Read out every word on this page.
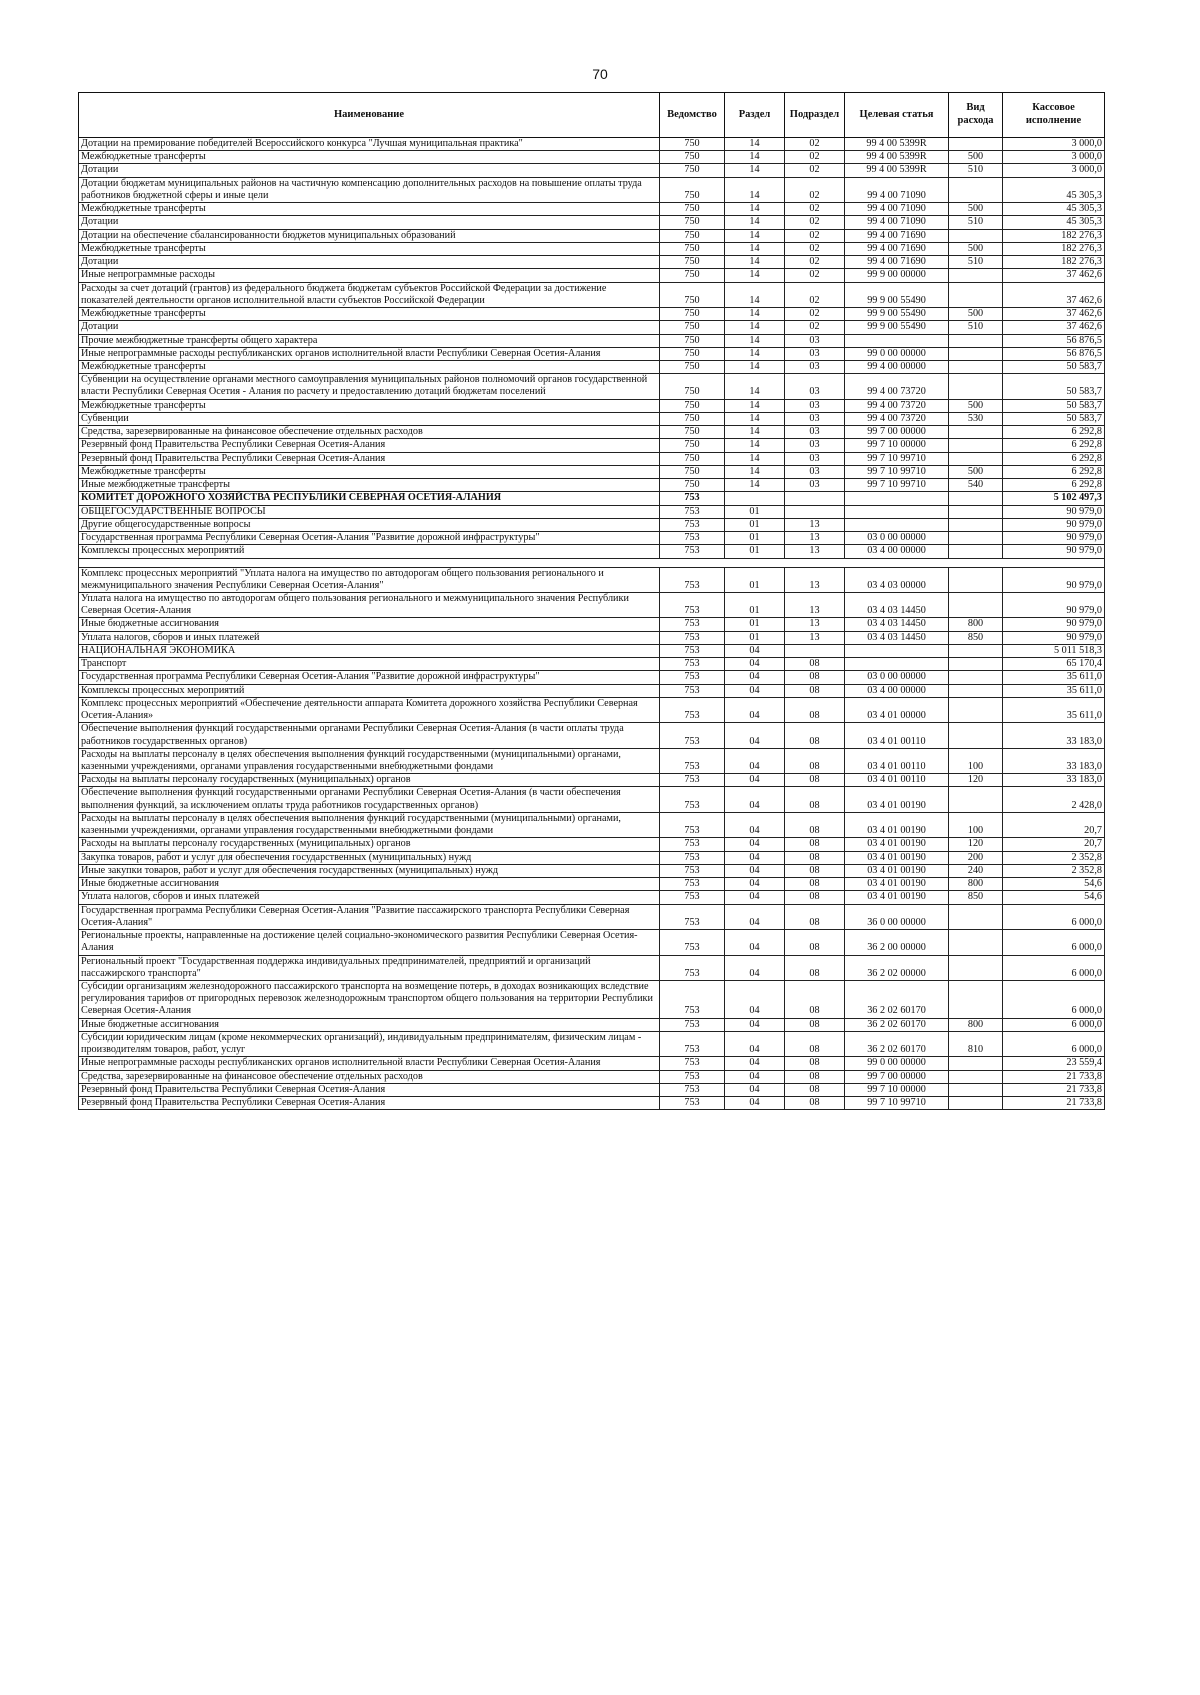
70
Наименование	Ведомство	Раздел	Подраздел	Целевая статья	Вид расхода	Кассовое исполнение
Дотации на премирование победителей Всероссийского конкурса "Лучшая муниципальная практика"	750	14	02	99 4 00 5399R		3 000,0
Межбюджетные трансферты	750	14	02	99 4 00 5399R	500	3 000,0
Дотации	750	14	02	99 4 00 5399R	510	3 000,0
Дотации бюджетам муниципальных районов на частичную компенсацию дополнительных расходов на повышение оплаты труда работников бюджетной сферы и иные цели	750	14	02	99 4 00 71090		45 305,3
Межбюджетные трансферты	750	14	02	99 4 00 71090	500	45 305,3
Дотации	750	14	02	99 4 00 71090	510	45 305,3
Дотации на обеспечение сбалансированности бюджетов муниципальных образований	750	14	02	99 4 00 71690		182 276,3
Межбюджетные трансферты	750	14	02	99 4 00 71690	500	182 276,3
Дотации	750	14	02	99 4 00 71690	510	182 276,3
Иные непрограммные расходы	750	14	02	99 9 00 00000		37 462,6
Расходы за счет дотаций (грантов) из федерального бюджета бюджетам субъектов Российской Федерации за достижение показателей деятельности органов исполнительной власти субъектов Российской Федерации	750	14	02	99 9 00 55490		37 462,6
Межбюджетные трансферты	750	14	02	99 9 00 55490	500	37 462,6
Дотации	750	14	02	99 9 00 55490	510	37 462,6
Прочие межбюджетные трансферты общего характера	750	14	03			56 876,5
Иные непрограммные расходы республиканских органов исполнительной власти Республики Северная Осетия-Алания	750	14	03	99 0 00 00000		56 876,5
Межбюджетные трансферты	750	14	03	99 4 00 00000		50 583,7
Субвенции на осуществление органами местного самоуправления муниципальных районов полномочий органов государственной власти Республики Северная Осетия - Алания по расчету и предоставлению дотаций бюджетам поселений	750	14	03	99 4 00 73720		50 583,7
Межбюджетные трансферты	750	14	03	99 4 00 73720	500	50 583,7
Субвенции	750	14	03	99 4 00 73720	530	50 583,7
Средства, зарезервированные на финансовое обеспечение отдельных расходов	750	14	03	99 7 00 00000		6 292,8
Резервный фонд Правительства Республики Северная Осетия-Алания	750	14	03	99 7 10 00000		6 292,8
Резервный фонд Правительства Республики Северная Осетия-Алания	750	14	03	99 7 10 99710		6 292,8
Межбюджетные трансферты	750	14	03	99 7 10 99710	500	6 292,8
Иные межбюджетные трансферты	750	14	03	99 7 10 99710	540	6 292,8
КОМИТЕТ ДОРОЖНОГО ХОЗЯЙСТВА РЕСПУБЛИКИ СЕВЕРНАЯ ОСЕТИЯ-АЛАНИЯ	753					5 102 497,3
ОБЩЕГОСУДАРСТВЕННЫЕ ВОПРОСЫ	753	01				90 979,0
Другие общегосударственные вопросы	753	01	13			90 979,0
Государственная программа Республики Северная Осетия-Алания "Развитие дорожной инфраструктуры"	753	01	13	03 0 00 00000		90 979,0
Комплексы процессных мероприятий	753	01	13	03 4 00 00000		90 979,0

Комплекс процессных мероприятий "Уплата налога на имущество по автодорогам общего пользования регионального и межмуниципального значения Республики Северная Осетия-Алания"	753	01	13	03 4 03 00000		90 979,0
Уплата налога на имущество по автодорогам общего пользования регионального и межмуниципального значения Республики Северная Осетия-Алания	753	01	13	03 4 03 14450		90 979,0
Иные бюджетные ассигнования	753	01	13	03 4 03 14450	800	90 979,0
Уплата налогов, сборов и иных платежей	753	01	13	03 4 03 14450	850	90 979,0
НАЦИОНАЛЬНАЯ ЭКОНОМИКА	753	04				5 011 518,3
Транспорт	753	04	08			65 170,4
Государственная программа Республики Северная Осетия-Алания "Развитие дорожной инфраструктуры"	753	04	08	03 0 00 00000		35 611,0
Комплексы процессных мероприятий	753	04	08	03 4 00 00000		35 611,0
Комплекс процессных мероприятий «Обеспечение деятельности аппарата Комитета дорожного хозяйства Республики Северная Осетия-Алания»	753	04	08	03 4 01 00000		35 611,0
Обеспечение выполнения функций государственными органами Республики Северная Осетия-Алания (в части оплаты труда работников государственных органов)	753	04	08	03 4 01 00110		33 183,0
Расходы на выплаты персоналу в целях обеспечения выполнения функций государственными (муниципальными) органами, казенными учреждениями, органами управления государственными внебюджетными фондами	753	04	08	03 4 01 00110	100	33 183,0
Расходы на выплаты персоналу государственных (муниципальных) органов	753	04	08	03 4 01 00110	120	33 183,0
Обеспечение выполнения функций государственными органами Республики Северная Осетия-Алания (в части обеспечения выполнения функций, за исключением оплаты труда работников государственных органов)	753	04	08	03 4 01 00190		2 428,0
Расходы на выплаты персоналу в целях обеспечения выполнения функций государственными (муниципальными) органами, казенными учреждениями, органами управления государственными внебюджетными фондами	753	04	08	03 4 01 00190	100	20,7
Расходы на выплаты персоналу государственных (муниципальных) органов	753	04	08	03 4 01 00190	120	20,7
Закупка товаров, работ и услуг для обеспечения государственных (муниципальных) нужд	753	04	08	03 4 01 00190	200	2 352,8
Иные закупки товаров, работ и услуг для обеспечения государственных (муниципальных) нужд	753	04	08	03 4 01 00190	240	2 352,8
Иные бюджетные ассигнования	753	04	08	03 4 01 00190	800	54,6
Уплата налогов, сборов и иных платежей	753	04	08	03 4 01 00190	850	54,6
Государственная программа Республики Северная Осетия-Алания "Развитие пассажирского транспорта Республики Северная Осетия-Алания"	753	04	08	36 0 00 00000		6 000,0
Региональные проекты, направленные на достижение целей социально-экономического развития Республики Северная Осетия-Алания	753	04	08	36 2 00 00000		6 000,0
Региональный проект "Государственная поддержка индивидуальных предпринимателей, предприятий и организаций пассажирского транспорта"	753	04	08	36 2 02 00000		6 000,0
Субсидии организациям железнодорожного пассажирского транспорта на возмещение потерь, в доходах возникающих вследствие регулирования тарифов от пригородных перевозок железнодорожным транспортом общего пользования на территории Республики Северная Осетия-Алания	753	04	08	36 2 02 60170		6 000,0
Иные бюджетные ассигнования	753	04	08	36 2 02 60170	800	6 000,0
Субсидии юридическим лицам (кроме некоммерческих организаций), индивидуальным предпринимателям, физическим лицам - производителям товаров, работ, услуг	753	04	08	36 2 02 60170	810	6 000,0
Иные непрограммные расходы республиканских органов исполнительной власти Республики Северная Осетия-Алания	753	04	08	99 0 00 00000		23 559,4
Средства, зарезервированные на финансовое обеспечение отдельных расходов	753	04	08	99 7 00 00000		21 733,8
Резервный фонд Правительства Республики Северная Осетия-Алания	753	04	08	99 7 10 00000		21 733,8
Резервный фонд Правительства Республики Северная Осетия-Алания	753	04	08	99 7 10 99710		21 733,8
